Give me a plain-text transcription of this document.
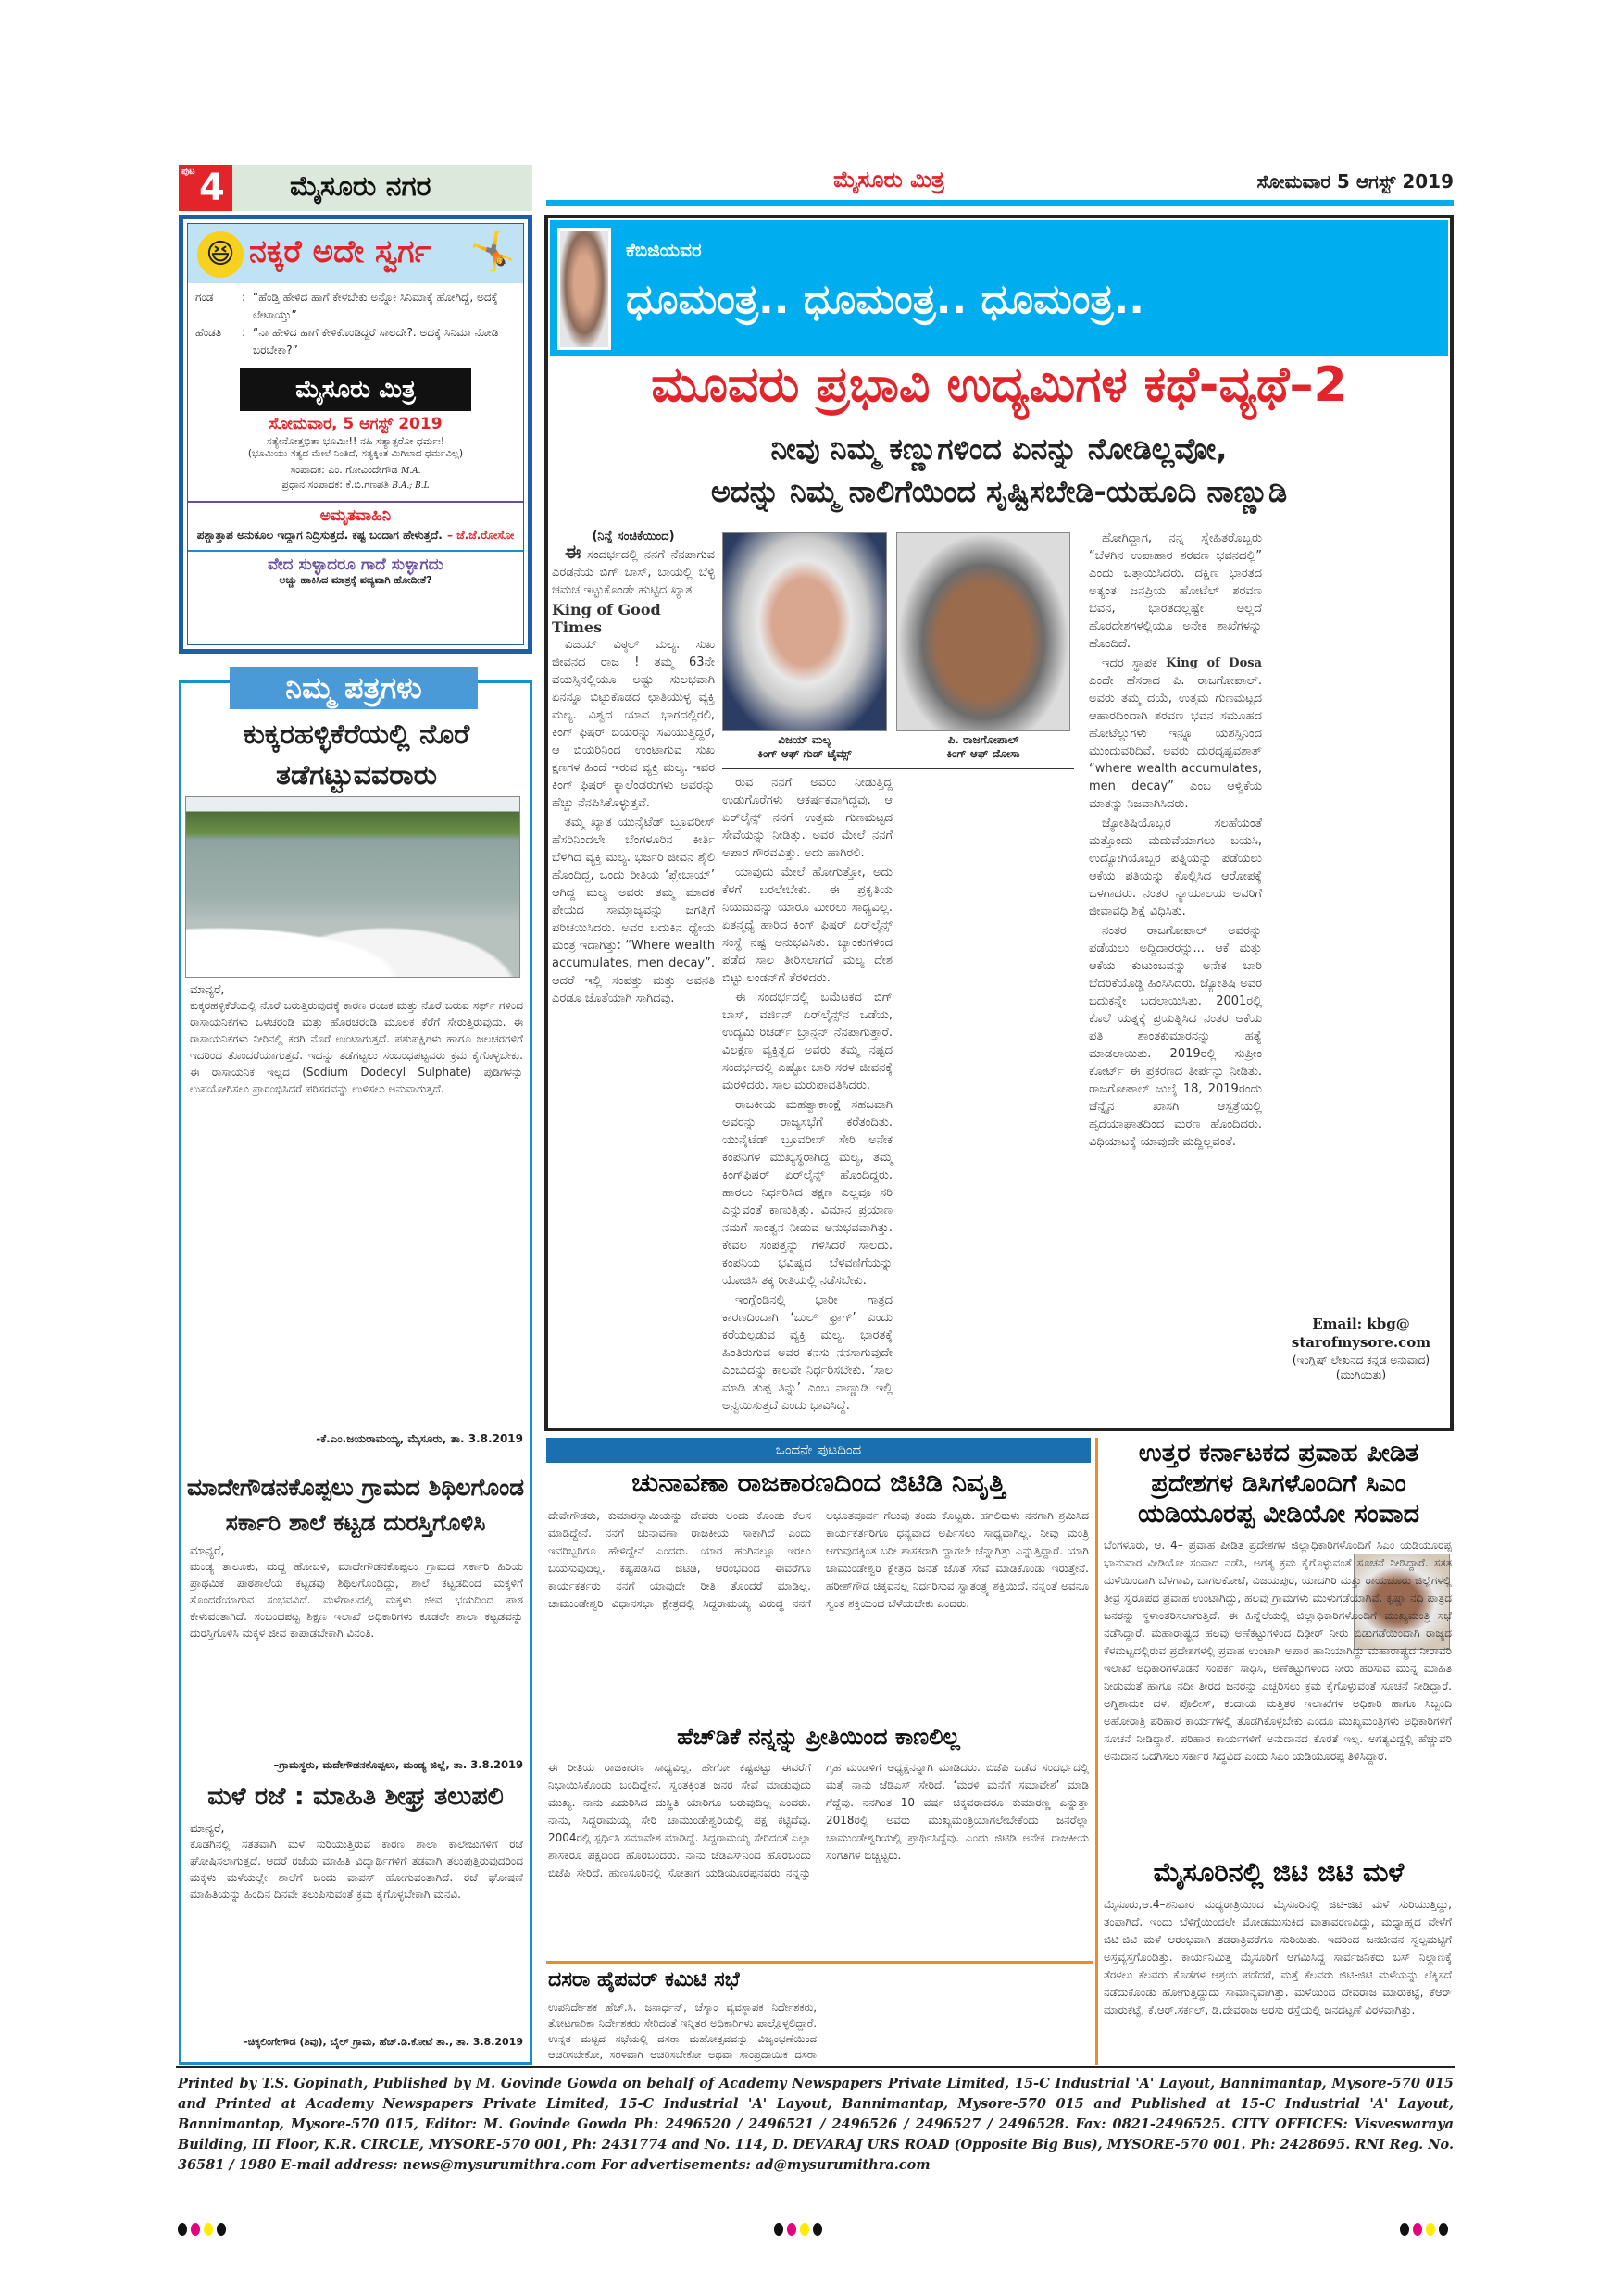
ಪುಟ 4	ಮೈಸೂರು ನಗರ	ಮೈಸೂರು ಮಿತ್ರ	ಸೋಮವಾರ 5 ಆಗಸ್ಟ್ 2019
😆 ನಕ್ಕರೆ ಅದೇ ಸ್ವರ್ಗ 🤸
ಗಂಡ	: “ಹೆಂಡ್ತಿ ಹೇಳಿದ ಹಾಗೆ ಕೇಳಬೇಕು ಅನ್ನೋ ಸಿನಿಮಾಕ್ಕೆ ಹೋಗಿದ್ದೆ, ಅದಕ್ಕೆ ಲೇಟಾಯ್ತು”
ಹೆಂಡತಿ	: “ನಾ ಹೇಳಿದ ಹಾಗೆ ಕೇಳಿಕೊಂಡಿದ್ದರೆ ಸಾಲದೇ?. ಅದಕ್ಕೆ ಸಿನಿಮಾ ನೋಡಿ ಬರಬೇಕಾ?”
ಮೈಸೂರು ಮಿತ್ರ
ಸೋಮವಾರ, 5 ಆಗಸ್ಟ್ 2019
ಸತ್ಯೇನೋತ್ತಭಿತಾ ಭೂಮಿಃ!! ನಹಿ ಸತ್ಯಾತ್ಪರೋ ಧರ್ಮಃ!
(ಭೂಮಿಯು ಸತ್ಯದ ಮೇಲೆ ನಿಂತಿದೆ, ಸತ್ಯಕ್ಕಿಂತ ಮಿಗಿಲಾದ ಧರ್ಮವಿಲ್ಲ)
ಸಂಪಾದಕ: ಎಂ. ಗೋವಿಂದೇಗೌಡ M.A.
ಪ್ರಧಾನ ಸಂಪಾದಕ: ಕೆ.ಬಿ.ಗಣಪತಿ B.A.; B.L
ಅಮೃತವಾಹಿನಿ
ಪಶ್ಚಾತ್ತಾಪ ಅನುಕೂಲ ಇದ್ದಾಗ ನಿದ್ರಿಸುತ್ತದೆ. ಕಷ್ಟ ಬಂದಾಗ ಹೇಳುತ್ತದೆ. – ಜೆ.ಜೆ.ರೋಸೋ
ವೇದ ಸುಳ್ಳಾದರೂ ಗಾದೆ ಸುಳ್ಳಾಗದು
ಅಚ್ಚು ಹಾಕಿಸಿದ ಮಾತ್ರಕ್ಕೆ ಪದ್ಯವಾಗಿ ಹೋದೀತೆ?
ನಿಮ್ಮ ಪತ್ರಗಳು
ಕುಕ್ಕರಹಳ್ಳಿಕೆರೆಯಲ್ಲಿ ನೊರೆ ತಡೆಗಟ್ಟುವವರಾರು
ಮಾನ್ಯರೆ,
ಕುಕ್ಕರಹಳ್ಳಿಕೆರೆಯಲ್ಲಿ ನೊರೆ ಬರುತ್ತಿರುವುದಕ್ಕೆ ಕಾರಣ ರಂಜಕ ಮತ್ತು ನೊರೆ ಬರುವ ಸರ್ಫ್ ಗಳಿಂದ ರಾಸಾಯನಿಕಗಳು ಒಳಚರಂಡಿ ಮತ್ತು ಹೊರಚರಂಡಿ ಮೂಲಕ ಕೆರೆಗೆ ಸೇರುತ್ತಿರುವುದು. ಈ ರಾಸಾಯನಿಕಗಳು ನೀರಿನಲ್ಲಿ ಕರಗಿ ನೊರೆ ಉಂಟಾಗುತ್ತದೆ. ಪಶುಪಕ್ಷಿಗಳು ಹಾಗೂ ಜಲಚರಗಳಿಗೆ ಇದರಿಂದ ತೊಂದರೆಯಾಗುತ್ತದೆ. ಇದನ್ನು ತಡೆಗಟ್ಟಲು ಸಂಬಂಧಪಟ್ಟವರು ಕ್ರಮ ಕೈಗೊಳ್ಳಬೇಕು. ಈ ರಾಸಾಯನಿಕ ಇಲ್ಲದ (Sodium Dodecyl Sulphate) ಪುಡಿಗಳನ್ನು ಉಪಯೋಗಿಸಲು ಪ್ರಾರಂಭಿಸಿದರೆ ಪರಿಸರವನ್ನು ಉಳಿಸಲು ಅನುವಾಗುತ್ತದೆ.
-ಕೆ.ಎಂ.ಜಯರಾಮಯ್ಯ, ಮೈಸೂರು, ತಾ. 3.8.2019
ಮಾದೇಗೌಡನಕೊಪ್ಪಲು ಗ್ರಾಮದ ಶಿಥಿಲಗೊಂಡ ಸರ್ಕಾರಿ ಶಾಲೆ ಕಟ್ಟಡ ದುರಸ್ತಿಗೊಳಿಸಿ
ಮಾನ್ಯರೆ,
ಮಂಡ್ಯ ತಾಲೂಕು, ದುದ್ದ ಹೋಬಳಿ, ಮಾದೇಗೌಡನಕೊಪ್ಪಲು ಗ್ರಾಮದ ಸರ್ಕಾರಿ ಹಿರಿಯ ಪ್ರಾಥಮಿಕ ಪಾಠಶಾಲೆಯ ಕಟ್ಟಡವು ಶಿಥಿಲಗೊಂಡಿದ್ದು, ಶಾಲೆ ಕಟ್ಟಡದಿಂದ ಮಕ್ಕಳಿಗೆ ತೊಂದರೆಯಾಗುವ ಸಂಭವವಿದೆ. ಮಳೆಗಾಲದಲ್ಲಿ ಮಕ್ಕಳು ಜೀವ ಭಯದಿಂದ ಪಾಠ ಕೇಳುವಂತಾಗಿದೆ. ಸಂಬಂಧಪಟ್ಟ ಶಿಕ್ಷಣ ಇಲಾಖೆ ಅಧಿಕಾರಿಗಳು ಕೂಡಲೇ ಶಾಲಾ ಕಟ್ಟಡವನ್ನು ದುರಸ್ತಿಗೊಳಿಸಿ ಮಕ್ಕಳ ಜೀವ ಕಾಪಾಡಬೇಕಾಗಿ ವಿನಂತಿ.
–ಗ್ರಾಮಸ್ಥರು, ಮದೇಗೌಡನಕೊಪ್ಪಲು, ಮಂಡ್ಯ ಜಿಲ್ಲೆ, ತಾ. 3.8.2019
ಮಳೆ ರಜೆ : ಮಾಹಿತಿ ಶೀಘ್ರ ತಲುಪಲಿ
ಮಾನ್ಯರೆ,
ಕೊಡಗಿನಲ್ಲಿ ಸತತವಾಗಿ ಮಳೆ ಸುರಿಯುತ್ತಿರುವ ಕಾರಣ ಶಾಲಾ ಕಾಲೇಜುಗಳಿಗೆ ರಜೆ ಘೋಷಿಸಲಾಗುತ್ತದೆ. ಆದರೆ ರಜೆಯ ಮಾಹಿತಿ ವಿದ್ಯಾರ್ಥಿಗಳಿಗೆ ತಡವಾಗಿ ತಲುಪುತ್ತಿರುವುದರಿಂದ ಮಕ್ಕಳು ಮಳೆಯಲ್ಲೇ ಶಾಲೆಗೆ ಬಂದು ವಾಪಸ್ ಹೋಗುವಂತಾಗಿದೆ. ರಜೆ ಘೋಷಣೆ ಮಾಹಿತಿಯನ್ನು ಹಿಂದಿನ ದಿನವೇ ತಲುಪಿಸುವಂತೆ ಕ್ರಮ ಕೈಗೊಳ್ಳಬೇಕಾಗಿ ಮನವಿ.
–ಚಿಕ್ಕಲಿಂಗೇಗೌಡ (ಶಿವು), ಬೈಲ್ ಗ್ರಾಮ, ಹೆಚ್.ಡಿ.ಕೋಟೆ ತಾ., ತಾ. 3.8.2019
ಕೆಬಿಜಿಯವರ
ಧೂಮಂತ್ರ.. ಧೂಮಂತ್ರ.. ಧೂಮಂತ್ರ..
ಮೂವರು ಪ್ರಭಾವಿ ಉದ್ಯಮಿಗಳ ಕಥೆ-ವ್ಯಥೆ–2
ನೀವು ನಿಮ್ಮ ಕಣ್ಣುಗಳಿಂದ ಏನನ್ನು ನೋಡಿಲ್ಲವೋ,
ಅದನ್ನು ನಿಮ್ಮ ನಾಲಿಗೆಯಿಂದ ಸೃಷ್ಟಿಸಬೇಡಿ-ಯಹೂದಿ ನಾಣ್ಣುಡಿ
(ನಿನ್ನೆ ಸಂಚಿಕೆಯಿಂದ)

ಈ ಸಂದರ್ಭದಲ್ಲಿ ನನಗೆ ನೆನಪಾಗುವ ಎರಡನೆಯ ಬಿಗ್ ಬಾಸ್, ಬಾಯಲ್ಲಿ ಬೆಳ್ಳಿ ಚಮಚ ಇಟ್ಟುಕೊಂಡೇ ಹುಟ್ಟಿದ ಖ್ಯಾತ

King of Good Times

ವಿಜಯ್ ವಿಠ್ಠಲ್ ಮಲ್ಯ. ಸುಖ ಜೀವನದ ರಾಜ ! ತಮ್ಮ 63ನೇ ವಯಸ್ಸಿನಲ್ಲಿಯೂ ಅಷ್ಟು ಸುಲಭವಾಗಿ ಏನನ್ನೂ ಬಿಟ್ಟುಕೊಡದ ಛಾತಿಯುಳ್ಳ ವ್ಯಕ್ತಿ ಮಲ್ಯ. ವಿಶ್ವದ ಯಾವ ಭಾಗದಲ್ಲಿರಲಿ, ಕಿಂಗ್ ಫಿಷರ್ ಬಿಯರನ್ನು ಸವಿಯುತ್ತಿದ್ದರೆ, ಆ ಬಿಯರಿನಿಂದ ಉಂಟಾಗುವ ಸುಖ ಕ್ಷಣಗಳ ಹಿಂದೆ ಇರುವ ವ್ಯಕ್ತಿ ಮಲ್ಯ. ಇವರ ಕಿಂಗ್ ಫಿಷರ್ ಕ್ಯಾಲೆಂಡರುಗಳು ಅವರನ್ನು ಹೆಚ್ಚು ನೆನಪಿಸಿಕೊಳ್ಳುತ್ತವೆ.

ತಮ್ಮ ಖ್ಯಾತ ಯುನೈಟೆಡ್ ಬ್ರೂವರೀಸ್ ಹೆಸರಿನಿಂದಲೇ ಬೆಂಗಳೂರಿನ ಕೀರ್ತಿ ಬೆಳಗಿದ ವ್ಯಕ್ತಿ ಮಲ್ಯ. ಭರ್ಜರಿ ಜೀವನ ಶೈಲಿ ಹೊಂದಿದ್ದ, ಒಂದು ರೀತಿಯ ‘ಪ್ಲೇಬಾಯ್’ ಆಗಿದ್ದ ಮಲ್ಯ ಅವರು ತಮ್ಮ ಮಾದಕ ಪೇಯದ ಸಾಮ್ರಾಜ್ಯವನ್ನು ಜಗತ್ತಿಗೆ ಪರಿಚಯಿಸಿದರು. ಅವರ ಬದುಕಿನ ಧ್ಯೇಯ ಮಂತ್ರ ಇದಾಗಿತ್ತು: “Where wealth accumulates, men decay”. ಆದರೆ ಇಲ್ಲಿ ಸಂಪತ್ತು ಮತ್ತು ಅವನತಿ ಎರಡೂ ಜೊತೆಯಾಗಿ ಸಾಗಿದವು.

ವಿಜಯ್ ಮಲ್ಯ
ಕಿಂಗ್ ಆಫ್ ಗುಡ್ ಟೈಮ್ಸ್
ಪಿ. ರಾಜಗೋಪಾಲ್
ಕಿಂಗ್ ಆಫ್ ದೋಸಾ

ರುವ ನನಗೆ ಅವರು ನೀಡುತ್ತಿದ್ದ ಉಡುಗೊರೆಗಳು ಆಕರ್ಷಕವಾಗಿದ್ದವು. ಆ ಏರ್‌ಲೈನ್ಸ್ ನನಗೆ ಉತ್ತಮ ಗುಣಮಟ್ಟದ ಸೇವೆಯನ್ನು ನೀಡಿತ್ತು. ಅವರ ಮೇಲೆ ನನಗೆ ಅಪಾರ ಗೌರವವಿತ್ತು. ಅದು ಹಾಗಿರಲಿ.

ಯಾವುದು ಮೇಲೆ ಹೋಗುತ್ತೋ, ಅದು ಕೆಳಗೆ ಬರಲೇಬೇಕು. ಈ ಪ್ರಕೃತಿಯ ನಿಯಮವನ್ನು ಯಾರೂ ಮೀರಲು ಸಾಧ್ಯವಿಲ್ಲ. ಏತನ್ಮಧ್ಯೆ ಹಾರಿದ ಕಿಂಗ್ ಫಿಷರ್ ಏರ್‌ಲೈನ್ಸ್ ಸಂಸ್ಥೆ ನಷ್ಟ ಅನುಭವಿಸಿತು. ಬ್ಯಾಂಕುಗಳಿಂದ ಪಡೆದ ಸಾಲ ತೀರಿಸಲಾಗದೆ ಮಲ್ಯ ದೇಶ ಬಿಟ್ಟು ಲಂಡನ್‌ಗೆ ತೆರಳಿದರು.

ಈ ಸಂದರ್ಭದಲ್ಲಿ ಬಮೆಟಕದ ಬಿಗ್ ಬಾಸ್, ವರ್ಜಿನ್ ಏರ್‌ಲೈನ್ಸ್‌ನ ಒಡೆಯ, ಉದ್ಯಮಿ ರಿಚರ್ಡ್ ಬ್ರಾನ್ಸನ್ ನೆನಪಾಗುತ್ತಾರೆ. ವಿಲಕ್ಷಣ ವ್ಯಕ್ತಿತ್ವದ ಅವರು ತಮ್ಮ ನಷ್ಟದ ಸಂದರ್ಭದಲ್ಲಿ ಎಷ್ಟೋ ಬಾರಿ ಸರಳ ಜೀವನಕ್ಕೆ ಮರಳಿದರು. ಸಾಲ ಮರುಪಾವತಿಸಿದರು.

ರಾಜಕೀಯ ಮಹತ್ವಾಕಾಂಕ್ಷೆ ಸಹಜವಾಗಿ ಅವರನ್ನು ರಾಜ್ಯಸಭೆಗೆ ಕರೆತಂದಿತು. ಯುನೈಟೆಡ್ ಬ್ರೂವರೀಸ್ ಸೇರಿ ಅನೇಕ ಕಂಪನಿಗಳ ಮುಖ್ಯಸ್ಥರಾಗಿದ್ದ ಮಲ್ಯ, ತಮ್ಮ ಕಿಂಗ್‌ಫಿಷರ್ ಏರ್‌ಲೈನ್ಸ್ ಹೊಂದಿದ್ದರು. ಹಾರಲು ನಿರ್ಧರಿಸಿದ ತಕ್ಷಣ ಎಲ್ಲವೂ ಸರಿ ಎನ್ನುವಂತೆ ಕಾಣುತ್ತಿತ್ತು. ವಿಮಾನ ಪ್ರಯಾಣ ನಮಗೆ ಸಾಂತ್ವನ ನೀಡುವ ಅನುಭವವಾಗಿತ್ತು. ಕೇವಲ ಸಂಪತ್ತನ್ನು ಗಳಿಸಿದರೆ ಸಾಲದು. ಕಂಪನಿಯ ಭವಿಷ್ಯದ ಬೆಳವಣಿಗೆಯನ್ನು ಯೋಜಿಸಿ ತಕ್ಕ ರೀತಿಯಲ್ಲಿ ನಡೆಸಬೇಕು.

ಇಂಗ್ಲೆಂಡಿನಲ್ಲಿ ಭಾರೀ ಗಾತ್ರದ ಕಾರಣದಿಂದಾಗಿ ‘ಬುಲ್ ಫ್ರಾಗ್’ ಎಂದು ಕರೆಯಲ್ಪಡುವ ವ್ಯಕ್ತಿ ಮಲ್ಯ. ಭಾರತಕ್ಕೆ ಹಿಂತಿರುಗುವ ಅವರ ಕನಸು ನನಸಾಗುವುದೇ ಎಂಬುದನ್ನು ಕಾಲವೇ ನಿರ್ಧರಿಸಬೇಕು. ‘ಸಾಲ ಮಾಡಿ ತುಪ್ಪ ತಿನ್ನು’ ಎಂಬ ನಾಣ್ಣುಡಿ ಇಲ್ಲಿ ಅನ್ವಯಿಸುತ್ತದೆ ಎಂದು ಭಾವಿಸಿದ್ದೆ.

ಹೋಗಿದ್ದಾಗ, ನನ್ನ ಸ್ನೇಹಿತರೊಬ್ಬರು “ಬೆಳಗಿನ ಉಪಾಹಾರ ಶರವಣ ಭವನದಲ್ಲಿ” ಎಂದು ಒತ್ತಾಯಿಸಿದರು. ದಕ್ಷಿಣ ಭಾರತದ ಅತ್ಯಂತ ಜನಪ್ರಿಯ ಹೋಟೆಲ್ ಶರವಣ ಭವನ, ಭಾರತದಲ್ಲಷ್ಟೇ ಅಲ್ಲದೆ ಹೊರದೇಶಗಳಲ್ಲಿಯೂ ಅನೇಕ ಶಾಖೆಗಳನ್ನು ಹೊಂದಿದೆ.

ಇದರ ಸ್ಥಾಪಕ King of Dosa ಎಂದೇ ಹೆಸರಾದ ಪಿ. ರಾಜಗೋಪಾಲ್. ಅವರು ತಮ್ಮ ದಯೆ, ಉತ್ತಮ ಗುಣಮಟ್ಟದ ಆಹಾರದಿಂದಾಗಿ ಶರವಣ ಭವನ ಸಮೂಹದ ಹೋಟೆಲ್ಲುಗಳು ಇನ್ನೂ ಯಶಸ್ಸಿನಿಂದ ಮುಂದುವರಿದಿವೆ. ಅವರು ದುರದೃಷ್ಟವಶಾತ್ “where wealth accumulates, men decay” ಎಂಬ ಆಳ್ವಿಕೆಯ ಮಾತನ್ನು ನಿಜವಾಗಿಸಿದರು.

ಜ್ಯೋತಿಷಿಯೊಬ್ಬರ ಸಲಹೆಯಂತೆ ಮತ್ತೊಂದು ಮದುವೆಯಾಗಲು ಬಯಸಿ, ಉದ್ಯೋಗಿಯೊಬ್ಬರ ಪತ್ನಿಯನ್ನು ಪಡೆಯಲು ಆಕೆಯ ಪತಿಯನ್ನು ಕೊಲ್ಲಿಸಿದ ಆರೋಪಕ್ಕೆ ಒಳಗಾದರು. ನಂತರ ನ್ಯಾಯಾಲಯ ಅವರಿಗೆ ಜೀವಾವಧಿ ಶಿಕ್ಷೆ ವಿಧಿಸಿತು.

ನಂತರ ರಾಜಗೋಪಾಲ್ ಅವರನ್ನು ಪಡೆಯಲು ಅದ್ದಿದಾರರನ್ನು... ಆಕೆ ಮತ್ತು ಆಕೆಯ ಕುಟುಂಬವನ್ನು ಅನೇಕ ಬಾರಿ ಬೆದರಿಕೆಯೊಡ್ಡಿ ಹಿಂಸಿಸಿದರು. ಜ್ಯೋತಿಷಿ ಅವರ ಬದುಕನ್ನೇ ಬದಲಾಯಿಸಿತು. 2001ರಲ್ಲಿ ಕೊಲೆ ಯತ್ನಕ್ಕೆ ಪ್ರಯತ್ನಿಸಿದ ನಂತರ ಆಕೆಯ ಪತಿ ಶಾಂತಕುಮಾರನನ್ನು ಹತ್ಯೆ ಮಾಡಲಾಯಿತು. 2019ರಲ್ಲಿ ಸುಪ್ರೀಂ ಕೋರ್ಟ್ ಈ ಪ್ರಕರಣದ ತೀರ್ಪನ್ನು ನೀಡಿತು. ರಾಜಗೋಪಾಲ್ ಜುಲೈ 18, 2019ರಂದು ಚೆನ್ನೈನ ಖಾಸಗಿ ಆಸ್ಪತ್ರೆಯಲ್ಲಿ ಹೃದಯಾಘಾತದಿಂದ ಮರಣ ಹೊಂದಿದರು. ವಿಧಿಯಾಟಕ್ಕೆ ಯಾವುದೇ ಮದ್ದಿಲ್ಲವಂತೆ.

Email: kbg@ starofmysore.com
(ಇಂಗ್ಲಿಷ್ ಲೇಖನದ ಕನ್ನಡ ಅನುವಾದ)
(ಮುಗಿಯಿತು)
ಒಂದನೇ ಪುಟದಿಂದ
ಚುನಾವಣಾ ರಾಜಕಾರಣದಿಂದ ಜಿಟಿಡಿ ನಿವೃತ್ತಿ
ದೇವೇಗೌಡರು, ಕುಮಾರಸ್ವಾಮಿಯನ್ನು ದೇವರು ಅಂದು ಕೊಂಡು ಕೆಲಸ ಮಾಡಿದ್ದೇನೆ. ನನಗೆ ಚುನಾವಣಾ ರಾಜಕೀಯ ಸಾಕಾಗಿದೆ ಎಂದು ಇವರಿಬ್ಬರಿಗೂ ಹೇಳಿದ್ದೇನೆ ಎಂದರು. ಯಾರ ಹಂಗಿನಲ್ಲೂ ಇರಲು ಬಯಸುವುದಿಲ್ಲ. ಕಷ್ಟಪಡಿಸಿದ ಜಿಟಿಡಿ, ಆರಂಭದಿಂದ ಈವರೆಗೂ ಕಾರ್ಯಕರ್ತರು ನನಗೆ ಯಾವುದೇ ರೀತಿ ತೊಂದರೆ ಮಾಡಿಲ್ಲ. ಚಾಮುಂಡೇಶ್ವರಿ ವಿಧಾನಸಭಾ ಕ್ಷೇತ್ರದಲ್ಲಿ ಸಿದ್ದರಾಮಯ್ಯ ವಿರುದ್ಧ ನನಗೆ ಅಭೂತಪೂರ್ವ ಗೆಲುವು ತಂದು ಕೊಟ್ಟರು. ಹಗಲಿರುಳು ನನಗಾಗಿ ಶ್ರಮಿಸಿದ ಕಾರ್ಯಕರ್ತರಿಗೂ ಧನ್ಯವಾದ ಅರ್ಪಿಸಲು ಸಾಧ್ಯವಾಗಿಲ್ಲ. ನೀವು ಮಂತ್ರಿ ಆಗುವುದಕ್ಕಿಂತ ಬರೀ ಶಾಸಕರಾಗಿ ದ್ದಾಗಲೇ ಚೆನ್ನಾಗಿತ್ತು ಎನ್ನುತ್ತಿದ್ದಾರೆ. ಯಾಗಿ ಚಾಮುಂಡೇಶ್ವರಿ ಕ್ಷೇತ್ರದ ಜನತೆ ಜೊತೆ ಸೇವೆ ಮಾಡಿಕೊಂಡು ಇರುತ್ತೇನೆ. ಹರೀಶ್‌ಗೌಡ ಚಿಕ್ಕವನಲ್ಲ ನಿರ್ಧರಿಸುವ ಸ್ವಾತಂತ್ರ್ಯ ಶಕ್ತಿಯಿದೆ. ನನ್ನಂತೆ ಅವನೂ ಸ್ವಂತ ಶಕ್ತಿಯಿಂದ ಬೆಳೆಯಬೇಕು ಎಂದರು.
ಹೆಚ್‌ಡಿಕೆ ನನ್ನನ್ನು ಪ್ರೀತಿಯಿಂದ ಕಾಣಲಿಲ್ಲ
ಈ ರೀತಿಯ ರಾಜಕಾರಣ ಸಾಧ್ಯವಿಲ್ಲ. ಹೇಗೋ ಕಷ್ಟಪಟ್ಟು ಈವರೆಗೆ ನಿಭಾಯಿಸಿಕೊಂಡು ಬಂದಿದ್ದೇನೆ. ಸ್ವಂತಕ್ಕಿಂತ ಜನರ ಸೇವೆ ಮಾಡುವುದು ಮುಖ್ಯ. ನಾನು ಎದುರಿಸಿದ ದುಸ್ಥಿತಿ ಯಾರಿಗೂ ಬರುವುದಿಲ್ಲ ಎಂದರು. ನಾನು, ಸಿದ್ದರಾಮಯ್ಯ ಸೇರಿ ಚಾಮುಂಡೇಶ್ವರಿಯಲ್ಲಿ ಪಕ್ಷ ಕಟ್ಟಿದೆವು. 2004ರಲ್ಲಿ ಸ್ಪರ್ಧಿಸಿ ಸಮಾವೇಶ ಮಾಡಿದ್ದೆ. ಸಿದ್ದರಾಮಯ್ಯ ಸೇರಿದಂತೆ ಎಲ್ಲಾ ಶಾಸಕರೂ ಪಕ್ಷದಿಂದ ಹೊರಬಂದರು. ನಾನು ಜೆಡಿಎಸ್‌ನಿಂದ ಹೊರಬಂದು ಬಿಜೆಪಿ ಸೇರಿದೆ. ಹುಣಸೂರಿನಲ್ಲಿ ಸೋತಾಗ ಯಡಿಯೂರಪ್ಪನವರು ನನ್ನನ್ನು ಗೃಹ ಮಂಡಳಿಗೆ ಅಧ್ಯಕ್ಷನನ್ನಾಗಿ ಮಾಡಿದರು. ಬಿಜೆಪಿ ಒಡೆದ ಸಂದರ್ಭದಲ್ಲಿ ಮತ್ತೆ ನಾನು ಜೆಡಿಎಸ್ ಸೇರಿದೆ. ‘ಮರಳಿ ಮನೆಗೆ ಸಮಾವೇಶ’ ಮಾಡಿ ಗೆದ್ದೆವು. ನನಗಿಂತ 10 ವರ್ಷ ಚಿಕ್ಕವರಾದರೂ ಕುಮಾರಣ್ಣ ಎನ್ನುತ್ತಾ 2018ರಲ್ಲಿ ಅವರು ಮುಖ್ಯಮಂತ್ರಿಯಾಗಲೇಬೇಕೆಂದು ಜನರೆಲ್ಲಾ ಚಾಮುಂಡೇಶ್ವರಿಯಲ್ಲಿ ಪ್ರಾರ್ಥಿಸಿದ್ದೆವು. ಎಂದು ಜಿಟಿಡಿ ಅನೇಕ ರಾಜಕೀಯ ಸಂಗತಿಗಳ ಬಿಚ್ಚಿಟ್ಟರು.
ದಸರಾ ಹೈಪವರ್ ಕಮಿಟಿ ಸಭೆ
ಉಪನಿರ್ದೇಶಕ ಹೆಚ್.ಸಿ. ಜನಾರ್ಧನ್, ಚೆಸ್ಕಾಂ ವ್ಯವಸ್ಥಾಪಕ ನಿರ್ದೇಶಕರು, ತೋಟಗಾರಿಕಾ ನಿರ್ದೇಶಕರು ಸೇರಿದಂತೆ ಇನ್ನಿತರ ಅಧಿಕಾರಿಗಳು ಪಾಲ್ಗೊಳ್ಳಲಿದ್ದಾರೆ. ಉನ್ನತ ಮಟ್ಟದ ಸಭೆಯಲ್ಲಿ ದಸರಾ ಮಹೋತ್ಸವವನ್ನು ವಿಜೃಂಭಣೆಯಿಂದ ಆಚರಿಸಬೇಕೋ, ಸರಳವಾಗಿ ಆಚರಿಸಬೇಕೋ ಅಥವಾ ಸಾಂಪ್ರದಾಯಿಕ ದಸರಾ
ಉತ್ತರ ಕರ್ನಾಟಕದ ಪ್ರವಾಹ ಪೀಡಿತ ಪ್ರದೇಶಗಳ ಡಿಸಿಗಳೊಂದಿಗೆ ಸಿಎಂ ಯಡಿಯೂರಪ್ಪ ವೀಡಿಯೋ ಸಂವಾದ
ಬೆಂಗಳೂರು, ಆ. 4– ಪ್ರವಾಹ ಪೀಡಿತ ಪ್ರದೇಶಗಳ ಜಿಲ್ಲಾಧಿಕಾರಿಗಳೊಂದಿಗೆ ಸಿಎಂ ಯಡಿಯೂರಪ್ಪ ಭಾನುವಾರ ವೀಡಿಯೋ ಸಂವಾದ ನಡೆಸಿ, ಅಗತ್ಯ ಕ್ರಮ ಕೈಗೊಳ್ಳುವಂತೆ ಸೂಚನೆ ನೀಡಿದ್ದಾರೆ. ಸತತ ಮಳೆಯಿಂದಾಗಿ ಬೆಳಗಾವಿ, ಬಾಗಲಕೋಟೆ, ವಿಜಯಪುರ, ಯಾದಗಿರಿ ಮತ್ತು ರಾಯಚೂರು ಜಿಲ್ಲೆಗಳಲ್ಲಿ ತೀವ್ರ ಸ್ವರೂಪದ ಪ್ರವಾಹ ಉಂಟಾಗಿದ್ದು, ಹಲವು ಗ್ರಾಮಗಳು ಮುಳುಗಡೆಯಾಗಿವೆ. ಕೃಷ್ಣಾ ನದಿ ಪಾತ್ರದ ಜನರನ್ನು ಸ್ಥಳಾಂತರಿಸಲಾಗುತ್ತಿದೆ. ಈ ಹಿನ್ನೆಲೆಯಲ್ಲಿ ಜಿಲ್ಲಾಧಿಕಾರಿಗಳೊಂದಿಗೆ ಮುಖ್ಯಮಂತ್ರಿ ಸಭೆ ನಡೆಸಿದ್ದಾರೆ. ಮಹಾರಾಷ್ಟ್ರದ ಹಲವು ಅಣೆಕಟ್ಟುಗಳಿಂದ ದಿಢೀರ್ ನೀರು ಬಿಡುಗಡೆಯಿಂದಾಗಿ ರಾಜ್ಯದ ಕೆಳಮಟ್ಟದಲ್ಲಿರುವ ಪ್ರದೇಶಗಳಲ್ಲಿ ಪ್ರವಾಹ ಉಂಟಾಗಿ ಅಪಾರ ಹಾನಿಯಾಗಿದ್ದು ಮಹಾರಾಷ್ಟ್ರದ ನೀರಾವರಿ ಇಲಾಖೆ ಅಧಿಕಾರಿಗಳೊಡನೆ ಸಂಪರ್ಕ ಸಾಧಿಸಿ, ಅಣೆಕಟ್ಟುಗಳಿಂದ ನೀರು ಹರಿಸುವ ಮುನ್ನ ಮಾಹಿತಿ ನೀಡುವಂತೆ ಹಾಗೂ ನದೀ ತೀರದ ಜನರನ್ನು ಎಚ್ಚರಿಸಲು ಕ್ರಮ ಕೈಗೊಳ್ಳುವಂತೆ ಸೂಚನೆ ನೀಡಿದ್ದಾರೆ. ಅಗ್ನಿಶಾಮಕ ದಳ, ಪೊಲೀಸ್, ಕಂದಾಯ ಮತ್ತಿತರ ಇಲಾಖೆಗಳ ಅಧಿಕಾರಿ ಹಾಗೂ ಸಿಬ್ಬಂದಿ ಅಹೋರಾತ್ರಿ ಪರಿಹಾರ ಕಾರ್ಯಗಳಲ್ಲಿ ತೊಡಗಿಕೊಳ್ಳಬೇಕು ಎಂದೂ ಮುಖ್ಯಮಂತ್ರಿಗಳು ಅಧಿಕಾರಿಗಳಿಗೆ ಸೂಚನೆ ನೀಡಿದ್ದಾರೆ. ಪರಿಹಾರ ಕಾರ್ಯಗಳಿಗೆ ಅನುದಾನದ ಕೊರತೆ ಇಲ್ಲ. ಅಗತ್ಯವಿದ್ದಲ್ಲಿ ಹೆಚ್ಚುವರಿ ಅನುದಾನ ಒದಗಿಸಲು ಸರ್ಕಾರ ಸಿದ್ಧವಿದೆ ಎಂದು ಸಿಎಂ ಯಡಿಯೂರಪ್ಪ ತಿಳಿಸಿದ್ದಾರೆ.
ಮೈಸೂರಿನಲ್ಲಿ ಜಿಟಿ ಜಿಟಿ ಮಳೆ
ಮೈಸೂರು,ಆ.4–ಶನಿವಾರ ಮಧ್ಯರಾತ್ರಿಯಿಂದ ಮೈಸೂರಿನಲ್ಲಿ ಜಿಟಿ-ಜಿಟಿ ಮಳೆ ಸುರಿಯುತ್ತಿದ್ದು, ತಂಪಾಗಿದೆ. ಇಂದು ಬೆಳಿಗ್ಗೆಯಿಂದಲೇ ಮೋಡಮುಸುಕಿದ ವಾತಾವರಣವಿದ್ದು, ಮಧ್ಯಾಹ್ನದ ವೇಳೆಗೆ ಜಿಟಿ-ಜಿಟಿ ಮಳೆ ಆರಂಭವಾಗಿ ತಡರಾತ್ರಿವರೆಗೂ ಸುರಿಯಿತು. ಇದರಿಂದ ಜನಜೀವನ ಸ್ವಲ್ಪಮಟ್ಟಿಗೆ ಅಸ್ತವ್ಯಸ್ತಗೊಂಡಿತ್ತು. ಕಾರ್ಯನಿಮಿತ್ತ ಮೈಸೂರಿಗೆ ಆಗಮಿಸಿದ್ದ ಸಾರ್ವಜನಿಕರು ಬಸ್ ನಿಲ್ದಾಣಕ್ಕೆ ತೆರಳಲು ಕೆಲವರು ಕೊಡೆಗಳ ಆಶ್ರಯ ಪಡೆದರೆ, ಮತ್ತೆ ಕೆಲವರು ಜಿಟಿ-ಜಿಟಿ ಮಳೆಯನ್ನು ಲೆಕ್ಕಿಸದೆ ನಡೆದುಕೊಂಡು ಹೋಗುತ್ತಿದ್ದುದು ಸಾಮಾನ್ಯವಾಗಿತ್ತು. ಮಳೆಯಿಂದ ದೇವರಾಜ ಮಾರುಕಟ್ಟೆ, ಕೆಆರ್ ಮಾರುಕಟ್ಟೆ, ಕೆ.ಆರ್.ಸರ್ಕಲ್, ಡಿ.ದೇವರಾಜ ಅರಸು ರಸ್ತೆಯಲ್ಲಿ ಜನದಟ್ಟಣೆ ವಿರಳವಾಗಿತ್ತು.
Printed by T.S. Gopinath, Published by M. Govinde Gowda on behalf of Academy Newspapers Private Limited, 15-C Industrial 'A' Layout, Bannimantap, Mysore-570 015 and Printed at Academy Newspapers Private Limited, 15-C Industrial 'A' Layout, Bannimantap, Mysore-570 015 and Published at 15-C Industrial 'A' Layout, Bannimantap, Mysore-570 015, Editor: M. Govinde Gowda Ph: 2496520 / 2496521 / 2496526 / 2496527 / 2496528. Fax: 0821-2496525. CITY OFFICES: Visveswaraya Building, III Floor, K.R. CIRCLE, MYSORE-570 001, Ph: 2431774 and No. 114, D. DEVARAJ URS ROAD (Opposite Big Bus), MYSORE-570 001. Ph: 2428695. RNI Reg. No. 36581 / 1980 E-mail address: news@mysurumithra.com For advertisements: ad@mysurumithra.com
